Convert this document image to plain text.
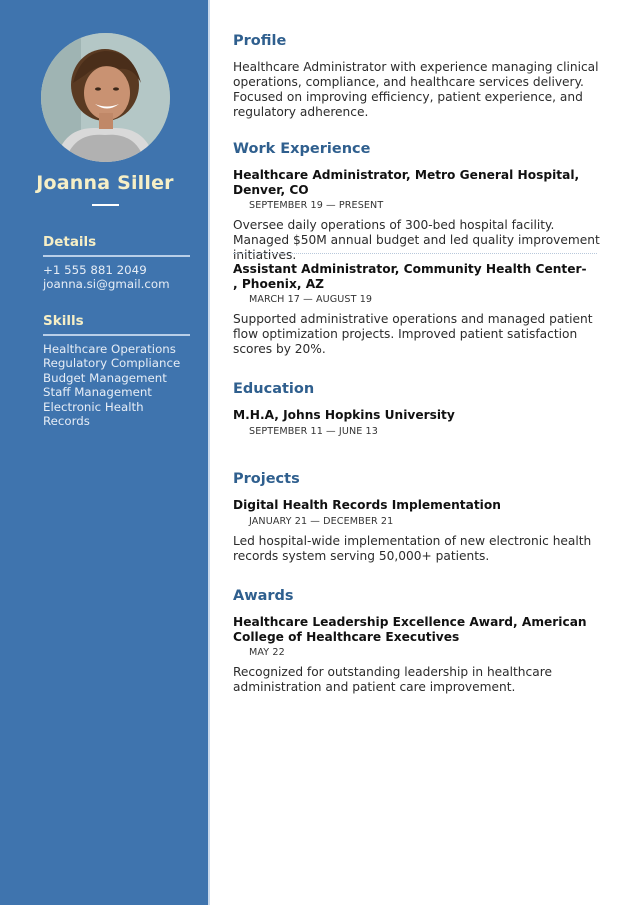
Joanna Siller
Details
+1 555 881 2049
joanna.si@gmail.com
Skills
Healthcare Operations
Regulatory Compliance
Budget Management
Staff Management
Electronic Health
Records
Profile
Healthcare Administrator with experience managing clinical operations, compliance, and healthcare services delivery. Focused on improving efficiency, patient experience, and regulatory adherence.
Work Experience
Healthcare Administrator, Metro General Hospital, Denver, CO
SEPTEMBER 19 — PRESENT
Oversee daily operations of 300-bed hospital facility. Managed $50M annual budget and led quality improvement initiatives.
Assistant Administrator, Community Health Center-
, Phoenix, AZ
MARCH 17 — AUGUST 19
Supported administrative operations and managed patient flow optimization projects. Improved patient satisfaction scores by 20%.
Education
M.H.A, Johns Hopkins University
SEPTEMBER 11 — JUNE 13
Projects
Digital Health Records Implementation
JANUARY 21 — DECEMBER 21
Led hospital-wide implementation of new electronic health records system serving 50,000+ patients.
Awards
Healthcare Leadership Excellence Award, American College of Healthcare Executives
MAY 22
Recognized for outstanding leadership in healthcare administration and patient care improvement.
